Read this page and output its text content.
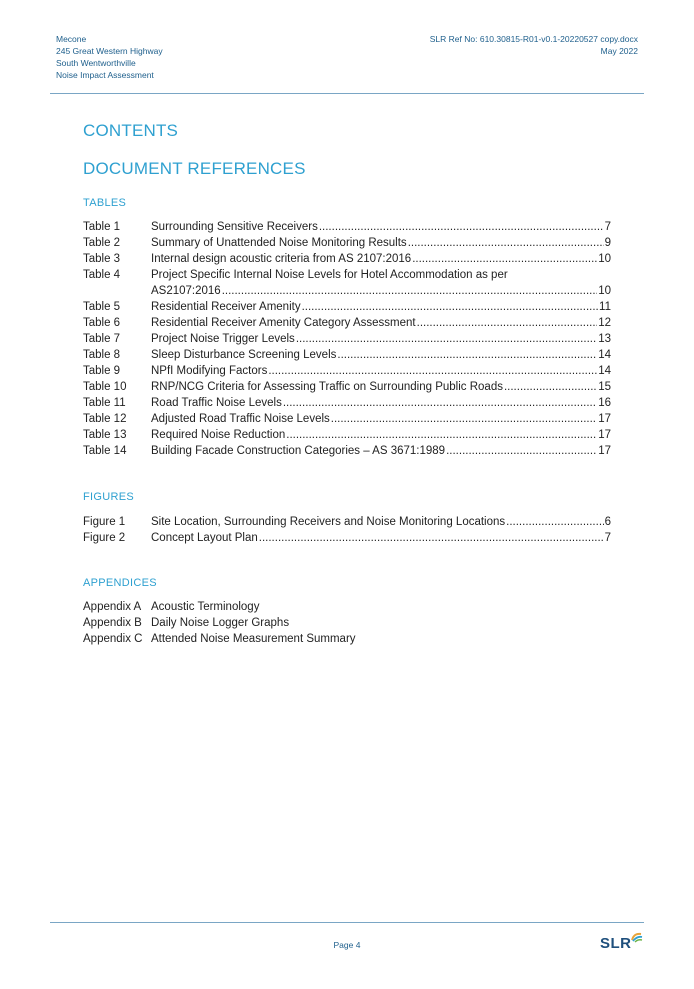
Mecone
245 Great Western Highway
South Wentworthville
Noise Impact Assessment
SLR Ref No: 610.30815-R01-v0.1-20220527 copy.docx
May 2022
CONTENTS
DOCUMENT REFERENCES
TABLES
Table 1	Surrounding Sensitive Receivers .....	7
Table 2	Summary of Unattended Noise Monitoring Results .....	9
Table 3	Internal design acoustic criteria from AS 2107:2016 .....	10
Table 4	Project Specific Internal Noise Levels for Hotel Accommodation as per
AS2107:2016 .....	10
Table 5	Residential Receiver Amenity .....	11
Table 6	Residential Receiver Amenity Category Assessment .....	12
Table 7	Project Noise Trigger Levels .....	13
Table 8	Sleep Disturbance Screening Levels .....	14
Table 9	NPfI Modifying Factors .....	14
Table 10	RNP/NCG Criteria for Assessing Traffic on Surrounding Public Roads .....	15
Table 11	Road Traffic Noise Levels .....	16
Table 12	Adjusted Road Traffic Noise Levels .....	17
Table 13	Required Noise Reduction .....	17
Table 14	Building Facade Construction Categories – AS 3671:1989 .....	17
FIGURES
Figure 1	Site Location, Surrounding Receivers and Noise Monitoring Locations .....	6
Figure 2	Concept Layout Plan .....	7
APPENDICES
Appendix A Acoustic Terminology
Appendix B Daily Noise Logger Graphs
Appendix C Attended Noise Measurement Summary
Page 4	SLR
